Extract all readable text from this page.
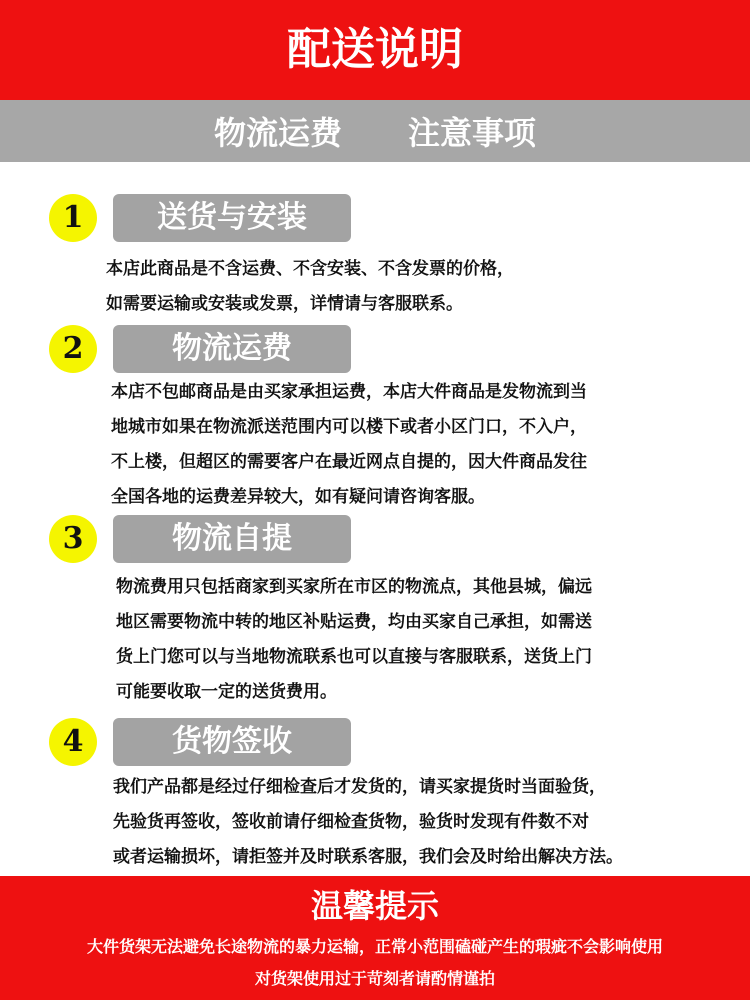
配送说明
物流运费 注意事项
1	送货与安装
本店此商品是不含运费、不含安装、不含发票的价格，
如需要运输或安装或发票，详情请与客服联系。
2	物流运费
本店不包邮商品是由买家承担运费，本店大件商品是发物流到当
地城市如果在物流派送范围内可以楼下或者小区门口，不入户，
不上楼，但超区的需要客户在最近网点自提的，因大件商品发往
全国各地的运费差异较大，如有疑问请咨询客服。
3	物流自提
物流费用只包括商家到买家所在市区的物流点，其他县城，偏远
地区需要物流中转的地区补贴运费，均由买家自己承担，如需送
货上门您可以与当地物流联系也可以直接与客服联系，送货上门
可能要收取一定的送货费用。
4	货物签收
我们产品都是经过仔细检查后才发货的，请买家提货时当面验货，
先验货再签收，签收前请仔细检查货物，验货时发现有件数不对
或者运输损坏，请拒签并及时联系客服，我们会及时给出解决方法。
温馨提示
大件货架无法避免长途物流的暴力运输，正常小范围磕碰产生的瑕疵不会影响使用
对货架使用过于苛刻者请酌情谨拍
